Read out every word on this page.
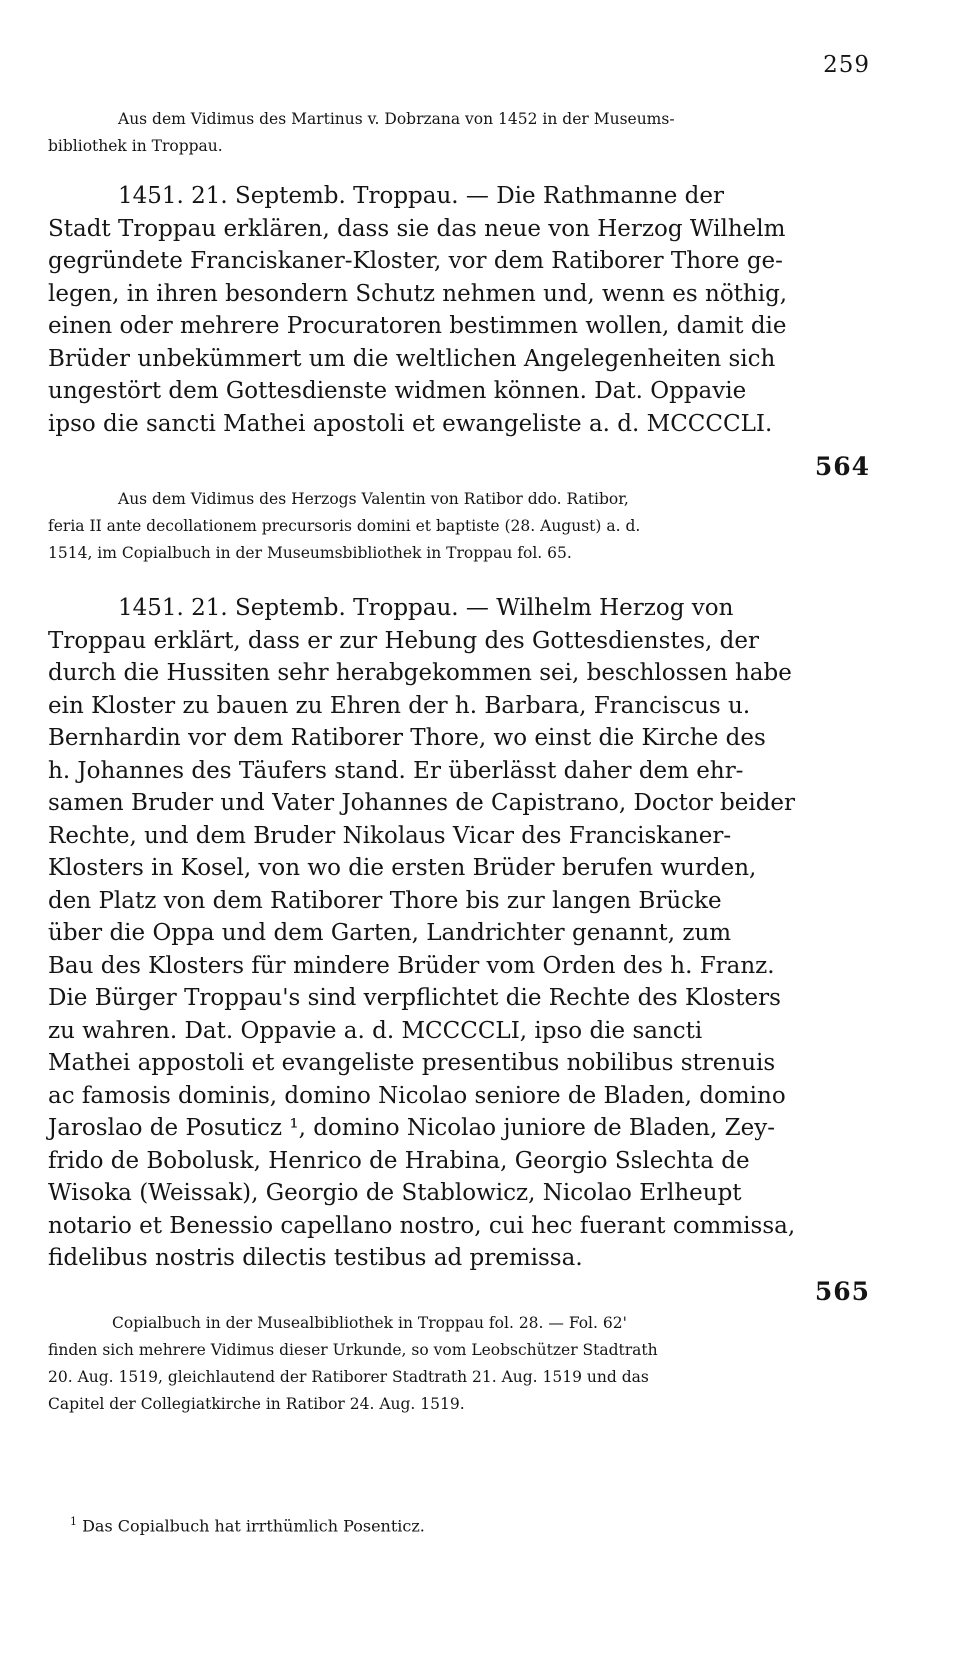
259
Aus dem Vidimus des Martinus v. Dobrzana von 1452 in der Museums-
bibliothek in Troppau.
1451. 21. Septemb. Troppau. — Die Rathmanne der
Stadt Troppau erklären, dass sie das neue von Herzog Wilhelm
gegründete Franciskaner-Kloster, vor dem Ratiborer Thore ge-
legen, in ihren besondern Schutz nehmen und, wenn es nöthig,
einen oder mehrere Procuratoren bestimmen wollen, damit die
Brüder unbekümmert um die weltlichen Angelegenheiten sich
ungestört dem Gottesdienste widmen können. Dat. Oppavie
ipso die sancti Mathei apostoli et ewangeliste a. d. MCCCCLI.
564
Aus dem Vidimus des Herzogs Valentin von Ratibor ddo. Ratibor,
feria II ante decollationem precursoris domini et baptiste (28. August) a. d.
1514, im Copialbuch in der Museumsbibliothek in Troppau fol. 65.
1451. 21. Septemb. Troppau. — Wilhelm Herzog von
Troppau erklärt, dass er zur Hebung des Gottesdienstes, der
durch die Hussiten sehr herabgekommen sei, beschlossen habe
ein Kloster zu bauen zu Ehren der h. Barbara, Franciscus u.
Bernhardin vor dem Ratiborer Thore, wo einst die Kirche des
h. Johannes des Täufers stand. Er überlässt daher dem ehr-
samen Bruder und Vater Johannes de Capistrano, Doctor beider
Rechte, und dem Bruder Nikolaus Vicar des Franciskaner-
Klosters in Kosel, von wo die ersten Brüder berufen wurden,
den Platz von dem Ratiborer Thore bis zur langen Brücke
über die Oppa und dem Garten, Landrichter genannt, zum
Bau des Klosters für mindere Brüder vom Orden des h. Franz.
Die Bürger Troppau's sind verpflichtet die Rechte des Klosters
zu wahren. Dat. Oppavie a. d. MCCCCLI, ipso die sancti
Mathei appostoli et evangeliste presentibus nobilibus strenuis
ac famosis dominis, domino Nicolao seniore de Bladen, domino
Jaroslao de Posuticz ¹, domino Nicolao juniore de Bladen, Zey-
frido de Bobolusk, Henrico de Hrabina, Georgio Sslechta de
Wisoka (Weissak), Georgio de Stablowicz, Nicolao Erlheupt
notario et Benessio capellano nostro, cui hec fuerant commissa,
fidelibus nostris dilectis testibus ad premissa.
565
Copialbuch in der Musealbibliothek in Troppau fol. 28. — Fol. 62'
finden sich mehrere Vidimus dieser Urkunde, so vom Leobschützer Stadtrath
20. Aug. 1519, gleichlautend der Ratiborer Stadtrath 21. Aug. 1519 und das
Capitel der Collegiatkirche in Ratibor 24. Aug. 1519.
$^1$ Das Copialbuch hat irrthümlich Posenticz.
